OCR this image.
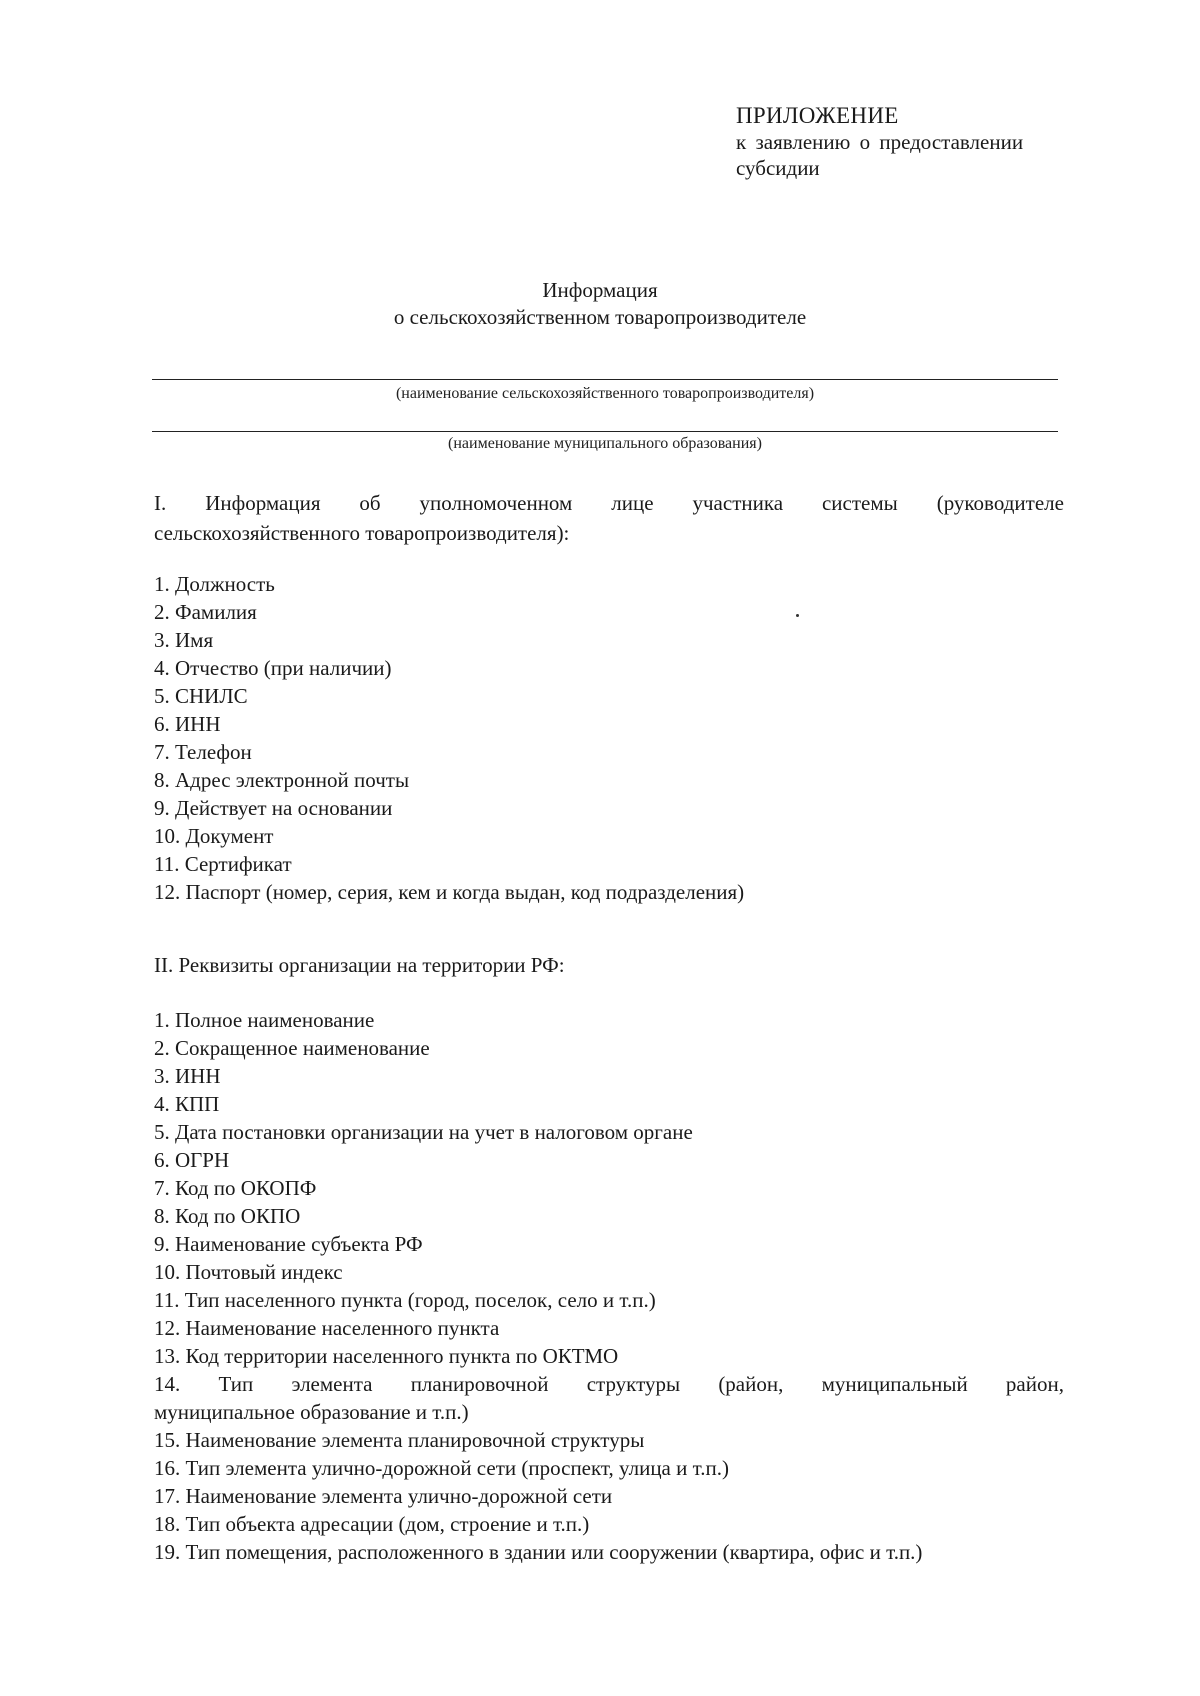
ПРИЛОЖЕНИЕ
к заявлению о предоставлении
субсидии
Информация
о сельскохозяйственном товаропроизводителе
(наименование сельскохозяйственного товаропроизводителя)
(наименование муниципального образования)
I. Информация об уполномоченном лице участника системы (руководителе
сельскохозяйственного товаропроизводителя):
1. Должность
2. Фамилия
3. Имя
4. Отчество (при наличии)
5. СНИЛС
6. ИНН
7. Телефон
8. Адрес электронной почты
9. Действует на основании
10. Документ
11. Сертификат
12. Паспорт (номер, серия, кем и когда выдан, код подразделения)
II. Реквизиты организации на территории РФ:
1. Полное наименование
2. Сокращенное наименование
3. ИНН
4. КПП
5. Дата постановки организации на учет в налоговом органе
6. ОГРН
7. Код по ОКОПФ
8. Код по ОКПО
9. Наименование субъекта РФ
10. Почтовый индекс
11. Тип населенного пункта (город, поселок, село и т.п.)
12. Наименование населенного пункта
13. Код территории населенного пункта по ОКТМО
14. Тип элемента планировочной структуры (район, муниципальный район,
муниципальное образование и т.п.)
15. Наименование элемента планировочной структуры
16. Тип элемента улично-дорожной сети (проспект, улица и т.п.)
17. Наименование элемента улично-дорожной сети
18. Тип объекта адресации (дом, строение и т.п.)
19. Тип помещения, расположенного в здании или сооружении (квартира, офис и т.п.)
